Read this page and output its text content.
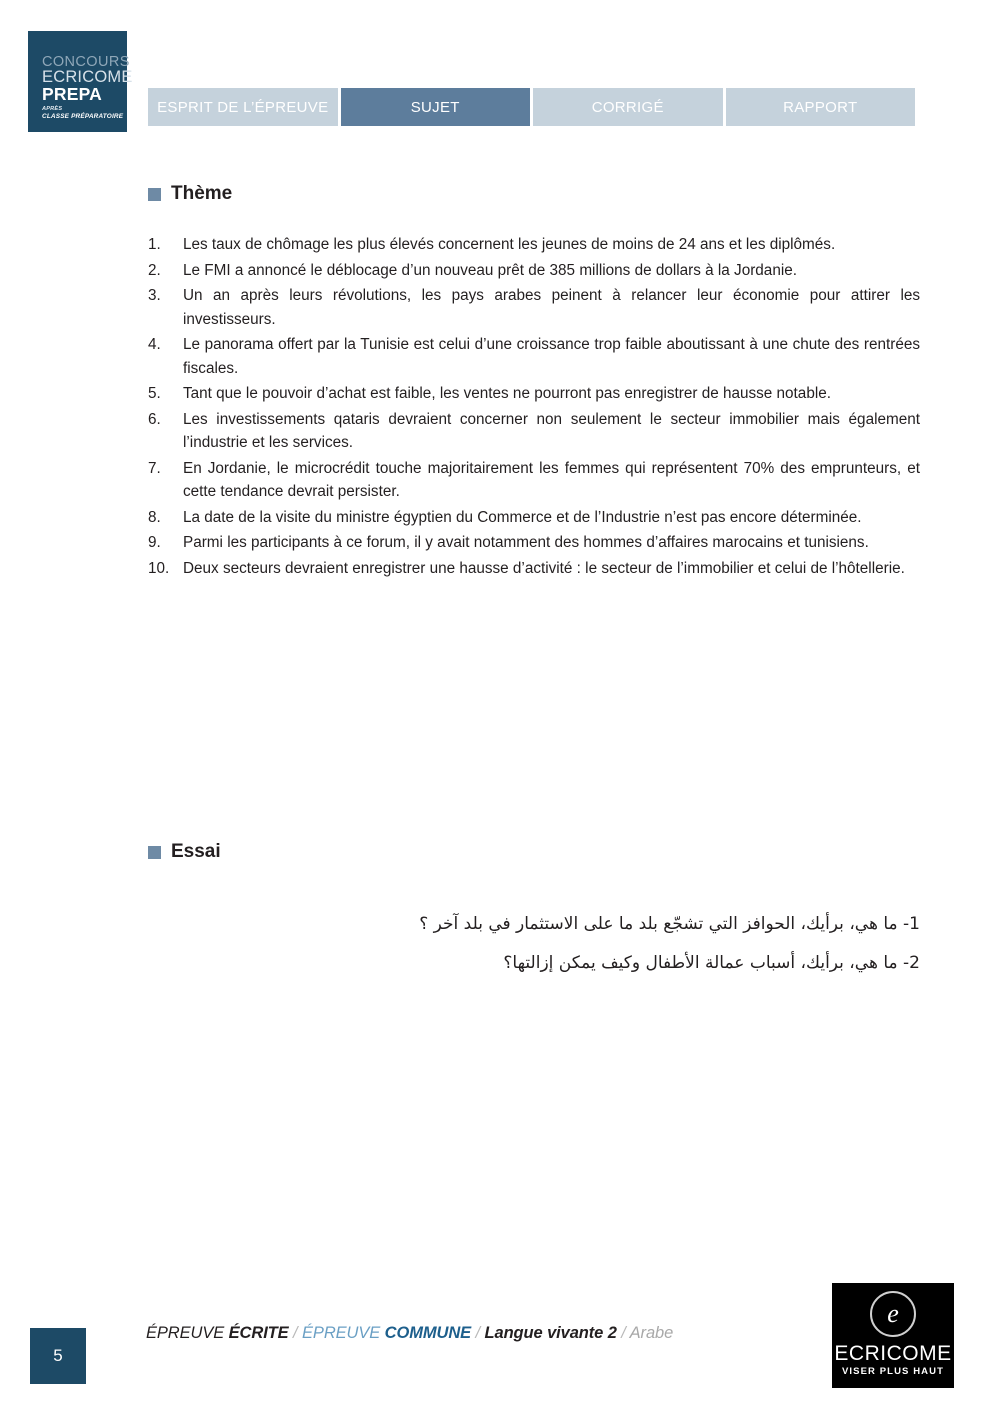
CONCOURS
ECRICOME
PREPA
APRÈS
CLASSE PRÉPARATOIRE
ESPRIT DE L’ÉPREUVE	SUJET	CORRIGÉ	RAPPORT
Thème
1.	Les taux de chômage les plus élevés concernent les jeunes de moins de 24 ans et les diplômés.
2.	Le FMI a annoncé le déblocage d’un nouveau prêt de 385 millions de dollars à la Jordanie.
3.	Un an après leurs révolutions, les pays arabes peinent à relancer leur économie pour attirer les investisseurs.
4.	Le panorama offert par la Tunisie est celui d’une croissance trop faible aboutissant à une chute des rentrées fiscales.
5.	Tant que le pouvoir d’achat est faible, les ventes ne pourront pas enregistrer de hausse notable.
6.	Les investissements qataris devraient concerner non seulement le secteur immobilier mais également l’industrie et les services.
7.	En Jordanie, le microcrédit touche majoritairement les femmes qui représentent 70% des emprunteurs, et cette tendance devrait persister.
8.	La date de la visite du ministre égyptien du Commerce et de l’Industrie n’est pas encore déterminée.
9.	Parmi les participants à ce forum, il y avait notamment des hommes d’affaires marocains et tunisiens.
10. Deux secteurs devraient enregistrer une hausse d’activité : le secteur de l’immobilier et celui de l’hôtellerie.
Essai
1- ما هي، برأيك، الحوافز التي تشجّع بلد ما على الاستثمار في بلد آخر ؟
2- ما هي، برأيك، أسباب عمالة الأطفال وكيف يمكن إزالتها؟
5
ÉPREUVE ÉCRITE / ÉPREUVE COMMUNE / Langue vivante 2 / Arabe
e
ECRICOME
VISER PLUS HAUT
